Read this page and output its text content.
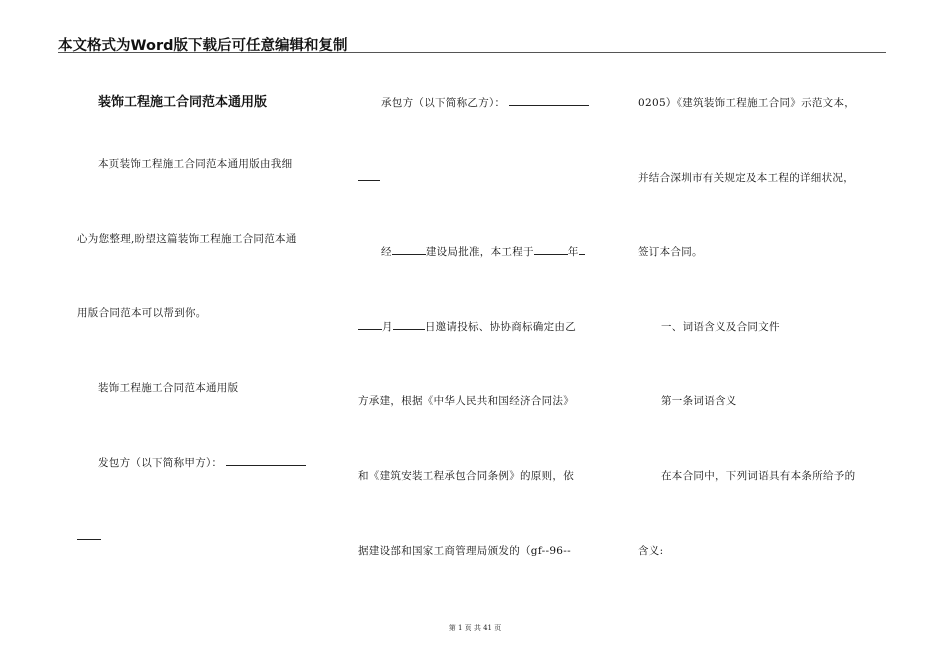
本文格式为Word版下载后可任意编辑和复制
装饰工程施工合同范本通用版
本页装饰工程施工合同范本通用版由我细
心为您整理,盼望这篇装饰工程施工合同范本通
用版合同范本可以帮到你。
装饰工程施工合同范本通用版
发包方（以下简称甲方）：
承包方（以下简称乙方）：
经	建设局批准，本工程于	年
月	日邀请投标、协协商标确定由乙
方承建，根据《中华人民共和国经济合同法》
和《建筑安装工程承包合同条例》的原则，依
据建设部和国家工商管理局颁发的（gf--96--
0205）《建筑装饰工程施工合同》示范文本，
并结合深圳市有关规定及本工程的详细状况，
签订本合同。
一、词语含义及合同文件
第一条词语含义
在本合同中，下列词语具有本条所给予的
含义:
第 1 页 共 41 页
